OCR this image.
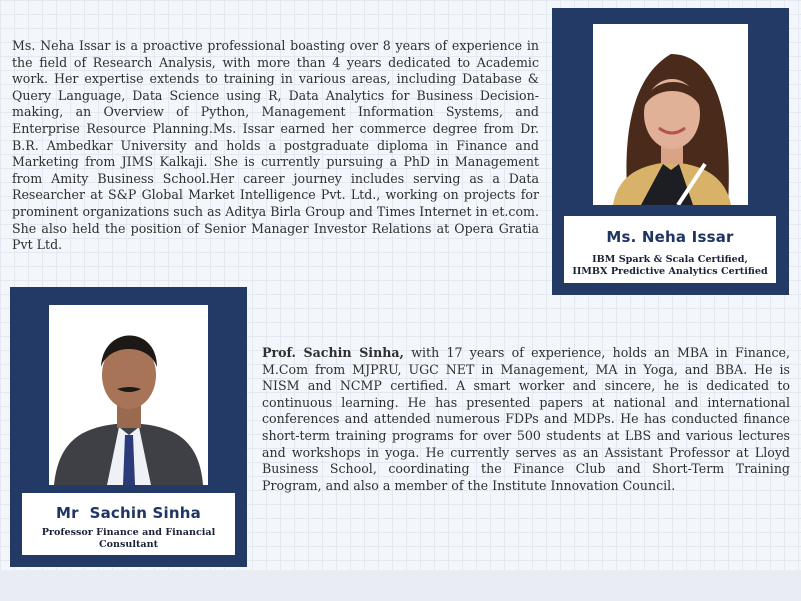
Ms. Neha Issar is a proactive professional boasting over 8 years of experience in the field of Research Analysis, with more than 4 years dedicated to Academic work. Her expertise extends to training in various areas, including Database & Query Language, Data Science using R, Data Analytics for Business Decision-making, an Overview of Python, Management Information Systems, and Enterprise Resource Planning.Ms. Issar earned her commerce degree from Dr. B.R. Ambedkar University and holds a postgraduate diploma in Finance and Marketing from JIMS Kalkaji. She is currently pursuing a PhD in Management from Amity Business School.Her career journey includes serving as a Data Researcher at S&P Global Market Intelligence Pvt. Ltd., working on projects for prominent organizations such as Aditya Birla Group and Times Internet in et.com. She also held the position of Senior Manager Investor Relations at Opera Gratia Pvt Ltd.	Ms. Neha Issar
IBM Spark & Scala Certified,
IIMBX Predictive Analytics Certified
Mr  Sachin Sinha
Professor Finance and Financial
Consultant

Prof. Sachin Sinha, with 17 years of experience, holds an MBA in Finance, M.Com from MJPRU, UGC NET in Management, MA in Yoga, and BBA. He is NISM and NCMP certified. A smart worker and sincere, he is dedicated to continuous learning. He has presented papers at national and international conferences and attended numerous FDPs and MDPs. He has conducted finance short-term training programs for over 500 students at LBS and various lectures and workshops in yoga. He currently serves as an Assistant Professor at Lloyd Business School, coordinating the Finance Club and Short-Term Training Program, and also a member of the Institute Innovation Council.
